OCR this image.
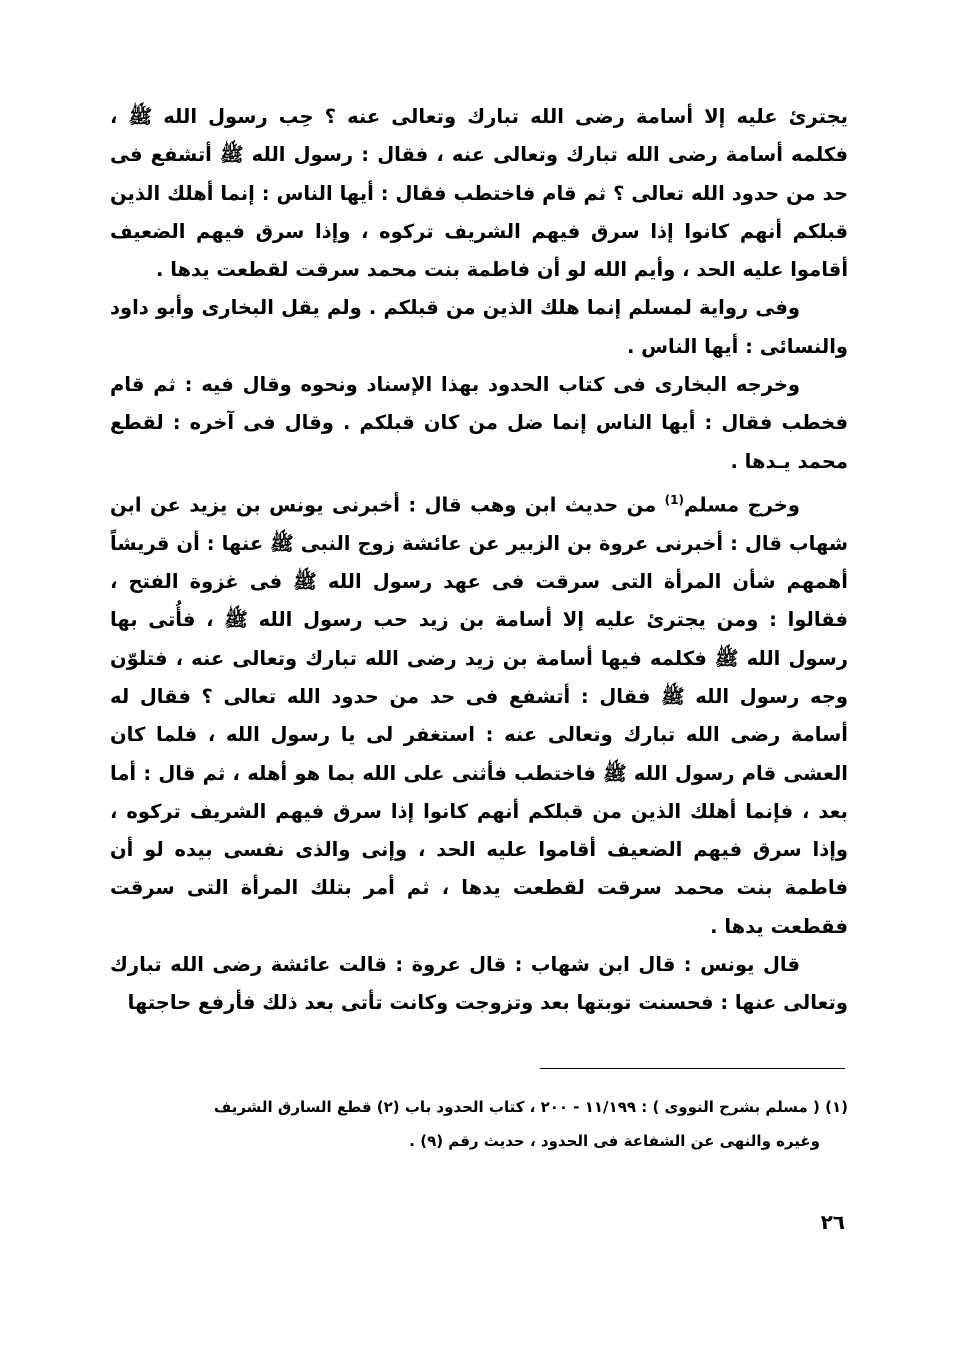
يجترئ عليه إلا أسامة رضى الله تبارك وتعالى عنه ؟ حِب رسول الله ﷺ ، فكلمه أسامة رضى الله تبارك وتعالى عنه ، فقال : رسول الله ﷺ أتشفع فى حد من حدود الله تعالى ؟ ثم قام فاختطب فقال : أيها الناس : إنما أهلك الذين قبلكم أنهم كانوا إذا سرق فيهم الشريف تركوه ، وإذا سرق فيهم الضعيف أقاموا عليه الحد ، وأيم الله لو أن فاطمة بنت محمد سرقت لقطعت يدها .

وفى رواية لمسلم إنما هلك الذين من قبلكم . ولم يقل البخارى وأبو داود والنسائى : أيها الناس .

وخرجه البخارى فى كتاب الحدود بهذا الإسناد ونحوه وقال فيه : ثم قام فخطب فقال : أيها الناس إنما ضل من كان قبلكم . وقال فى آخره : لقطع محمد يـدها .

وخرج مسلم$^{(1)}$ من حديث ابن وهب قال : أخبرنى يونس بن يزيد عن ابن شهاب قال : أخبرنى عروة بن الزبير عن عائشة زوج النبى ﷺ عنها : أن قريشاً أهمهم شأن المرأة التى سرقت فى عهد رسول الله ﷺ فى غزوة الفتح ، فقالوا : ومن يجترئ عليه إلا أسامة بن زيد حب رسول الله ﷺ ، فأُتى بها رسول الله ﷺ فكلمه فيها أسامة بن زيد رضى الله تبارك وتعالى عنه ، فتلوّن وجه رسول الله ﷺ فقال : أتشفع فى حد من حدود الله تعالى ؟ فقال له أسامة رضى الله تبارك وتعالى عنه : استغفر لى يا رسول الله ، فلما كان العشى قام رسول الله ﷺ فاختطب فأثنى على الله بما هو أهله ، ثم قال : أما بعد ، فإنما أهلك الذين من قبلكم أنهم كانوا إذا سرق فيهم الشريف تركوه ، وإذا سرق فيهم الضعيف أقاموا عليه الحد ، وإنى والذى نفسى بيده لو أن فاطمة بنت محمد سرقت لقطعت يدها ، ثم أمر بتلك المرأة التى سرقت فقطعت يدها .

قال يونس : قال ابن شهاب : قال عروة : قالت عائشة رضى الله تبارك وتعالى عنها : فحسنت توبتها بعد وتزوجت وكانت تأتى بعد ذلك فأرفع حاجتها

(١) ( مسلم بشرح النووى ) : ١١/١٩٩ - ٢٠٠ ، كتاب الحدود باب (٢) قطع السارق الشريف

وغيره والنهى عن الشفاعة فى الحدود ، حديث رقم (٩) .

٢٦
